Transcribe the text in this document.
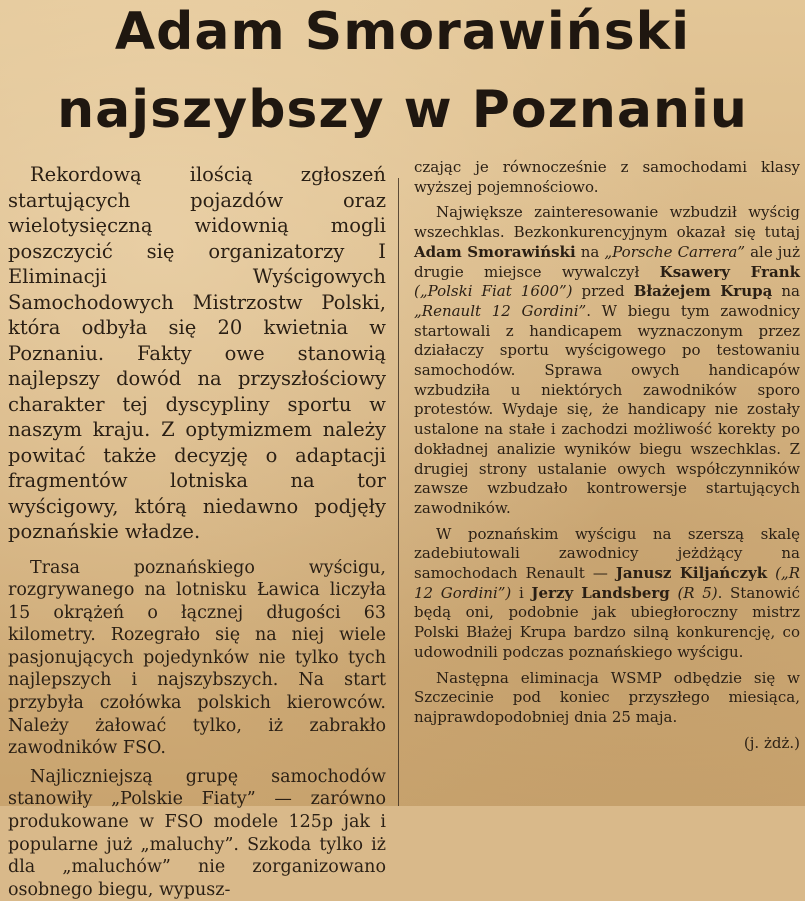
Adam Smorawiński
najszybszy w Poznaniu

Rekordową ilością zgłoszeń startujących pojazdów oraz wielotysięczną widownią mogli poszczycić się organizatorzy I Eliminacji Wyścigowych Samochodowych Mistrzostw Polski, która odbyła się 20 kwietnia w Poznaniu. Fakty owe stanowią najlepszy dowód na przyszłościowy charakter tej dyscypliny sportu w naszym kraju. Z optymizmem należy powitać także decyzję o adaptacji fragmentów lotniska na tor wyścigowy, którą niedawno podjęły poznańskie władze.

Trasa poznańskiego wyścigu, rozgrywanego na lotnisku Ławica liczyła 15 okrążeń o łącznej długości 63 kilometry. Rozegrało się na niej wiele pasjonujących pojedynków nie tylko tych najlepszych i najszybszych. Na start przybyła czołówka polskich kierowców. Należy żałować tylko, iż zabrakło zawodników FSO.

Najliczniejszą grupę samochodów stanowiły „Polskie Fiaty” — zarówno produkowane w FSO modele 125p jak i popularne już „maluchy”. Szkoda tylko iż dla „maluchów” nie zorganizowano osobnego biegu, wypusz-

czając je równocześnie z samochodami klasy wyższej pojemnościowo.

Największe zainteresowanie wzbudził wyścig wszechklas. Bezkonkurencyjnym okazał się tutaj Adam Smorawiński na „Porsche Carrera” ale już drugie miejsce wywalczył Ksawery Frank („Polski Fiat 1600”) przed Błażejem Krupą na „Renault 12 Gordini”. W biegu tym zawodnicy startowali z handicapem wyznaczonym przez działaczy sportu wyścigowego po testowaniu samochodów. Sprawa owych handicapów wzbudziła u niektórych zawodników sporo protestów. Wydaje się, że handicapy nie zostały ustalone na stałe i zachodzi możliwość korekty po dokładnej analizie wyników biegu wszechklas. Z drugiej strony ustalanie owych współczynników zawsze wzbudzało kontrowersje startujących zawodników.

W poznańskim wyścigu na szerszą skalę zadebiutowali zawodnicy jeżdżący na samochodach Renault — Janusz Kiljańczyk („R 12 Gordini”) i Jerzy Landsberg (R 5). Stanowić będą oni, podobnie jak ubiegłoroczny mistrz Polski Błażej Krupa bardzo silną konkurencję, co udowodnili podczas poznańskiego wyścigu.

Następna eliminacja WSMP odbędzie się w Szczecinie pod koniec przyszłego miesiąca, najprawdopodobniej dnia 25 maja.

(j. żdż.)
